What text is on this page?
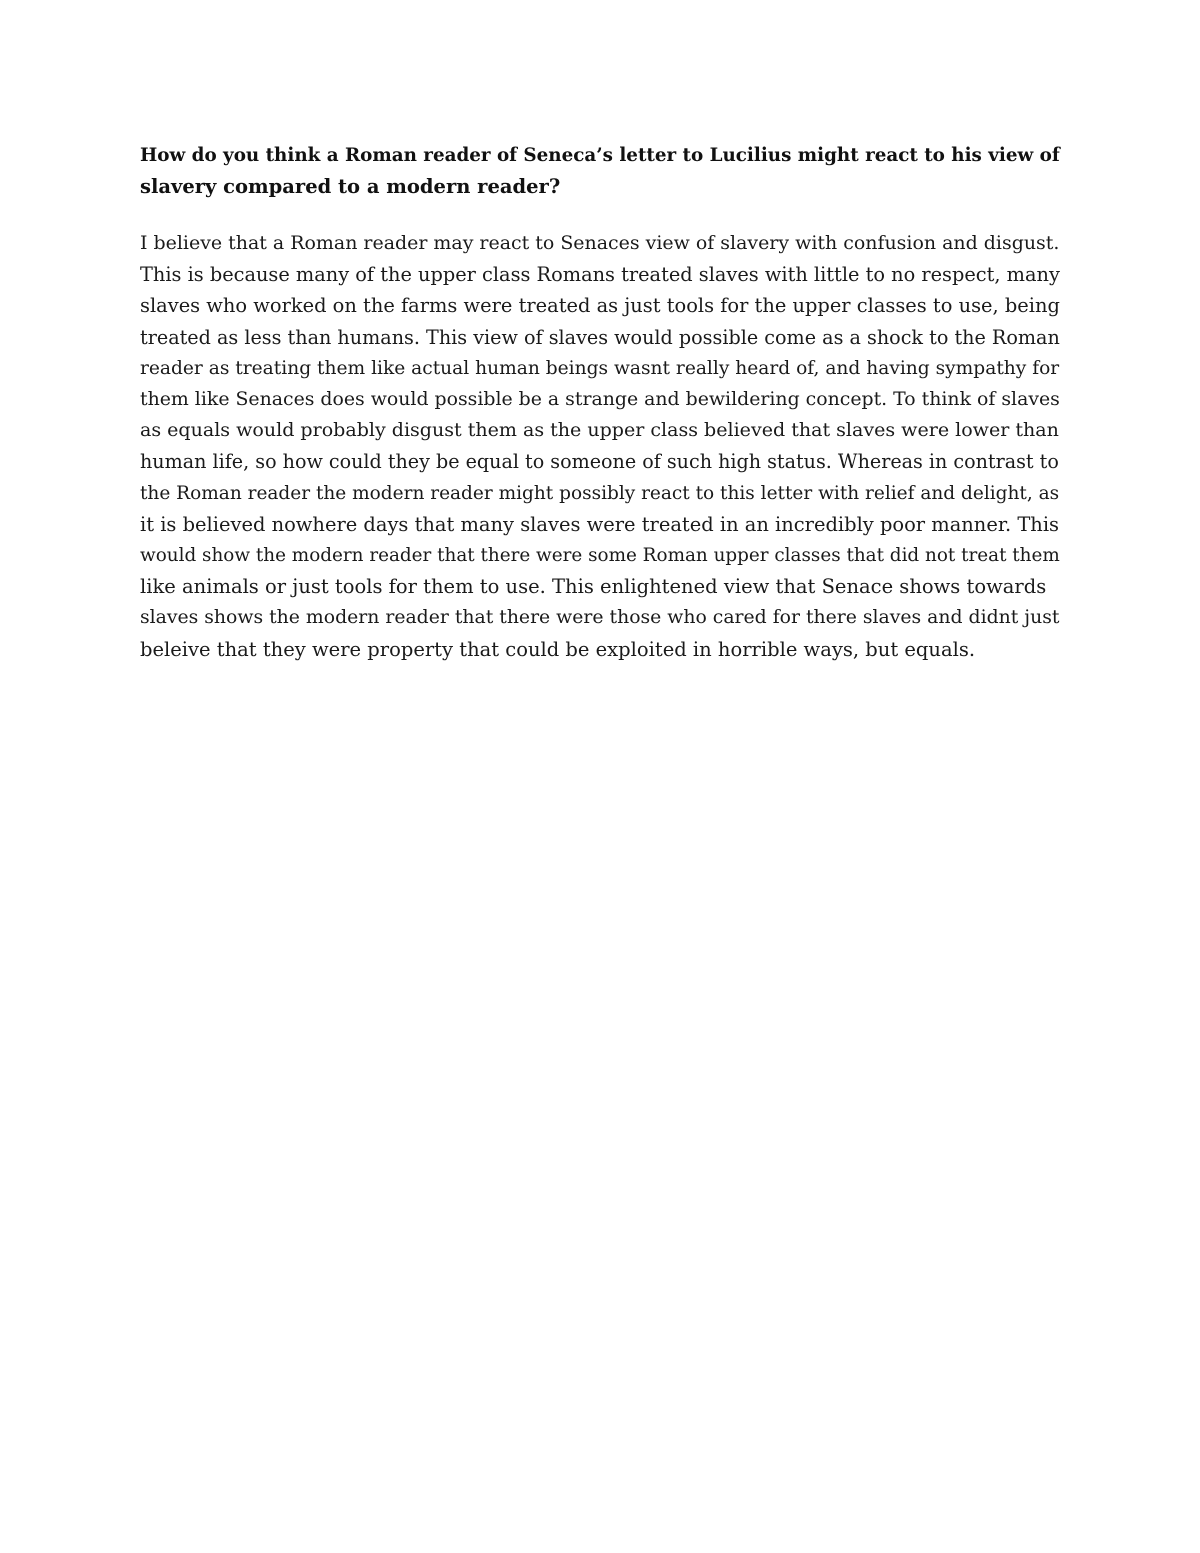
How do you think a Roman reader of Seneca’s letter to Lucilius might react to his view of
slavery compared to a modern reader?

I believe that a Roman reader may react to Senaces view of slavery with confusion and disgust.
This is because many of the upper class Romans treated slaves with little to no respect, many
slaves who worked on the farms were treated as just tools for the upper classes to use, being
treated as less than humans. This view of slaves would possible come as a shock to the Roman
reader as treating them like actual human beings wasnt really heard of, and having sympathy for
them like Senaces does would possible be a strange and bewildering concept. To think of slaves
as equals would probably disgust them as the upper class believed that slaves were lower than
human life, so how could they be equal to someone of such high status. Whereas in contrast to
the Roman reader the modern reader might possibly react to this letter with relief and delight, as
it is believed nowhere days that many slaves were treated in an incredibly poor manner. This
would show the modern reader that there were some Roman upper classes that did not treat them
like animals or just tools for them to use. This enlightened view that Senace shows towards
slaves shows the modern reader that there were those who cared for there slaves and didnt just
beleive that they were property that could be exploited in horrible ways, but equals.
